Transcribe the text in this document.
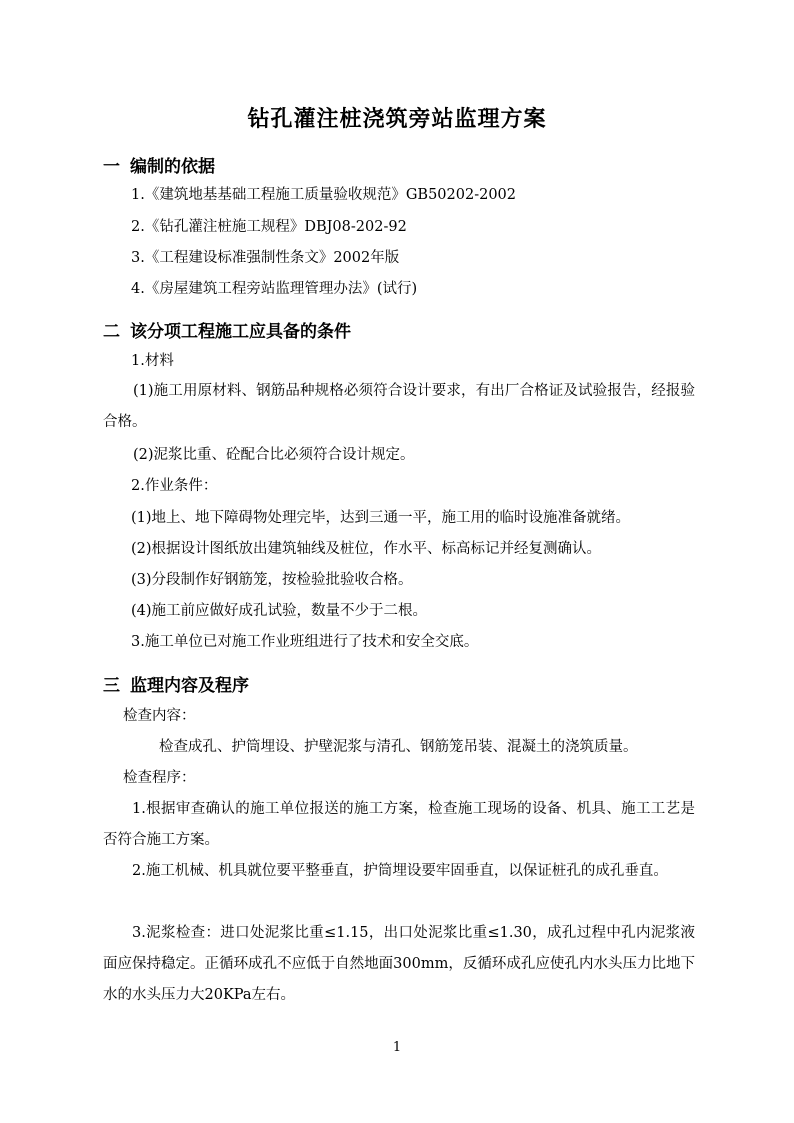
钻孔灌注桩浇筑旁站监理方案
一 编制的依据
1.《建筑地基基础工程施工质量验收规范》GB50202-2002
2.《钻孔灌注桩施工规程》DBJ08-202-92
3.《工程建设标准强制性条文》2002年版
4.《房屋建筑工程旁站监理管理办法》(试行)
二 该分项工程施工应具备的条件
1.材料
(1)施工用原材料、钢筋品种规格必须符合设计要求，有出厂合格证及试验报告，经报验合格。
(2)泥浆比重、砼配合比必须符合设计规定。
2.作业条件：
(1)地上、地下障碍物处理完毕，达到三通一平，施工用的临时设施准备就绪。
(2)根据设计图纸放出建筑轴线及桩位，作水平、标高标记并经复测确认。
(3)分段制作好钢筋笼，按检验批验收合格。
(4)施工前应做好成孔试验，数量不少于二根。
3.施工单位已对施工作业班组进行了技术和安全交底。
三 监理内容及程序
检查内容：
检查成孔、护筒埋设、护壁泥浆与清孔、钢筋笼吊装、混凝土的浇筑质量。
检查程序：
1.根据审查确认的施工单位报送的施工方案，检查施工现场的设备、机具、施工工艺是否符合施工方案。
2.施工机械、机具就位要平整垂直，护筒埋设要牢固垂直，以保证桩孔的成孔垂直。
3.泥浆检查：进口处泥浆比重≤1.15，出口处泥浆比重≤1.30，成孔过程中孔内泥浆液面应保持稳定。正循环成孔不应低于自然地面300mm，反循环成孔应使孔内水头压力比地下水的水头压力大20KPa左右。
1
